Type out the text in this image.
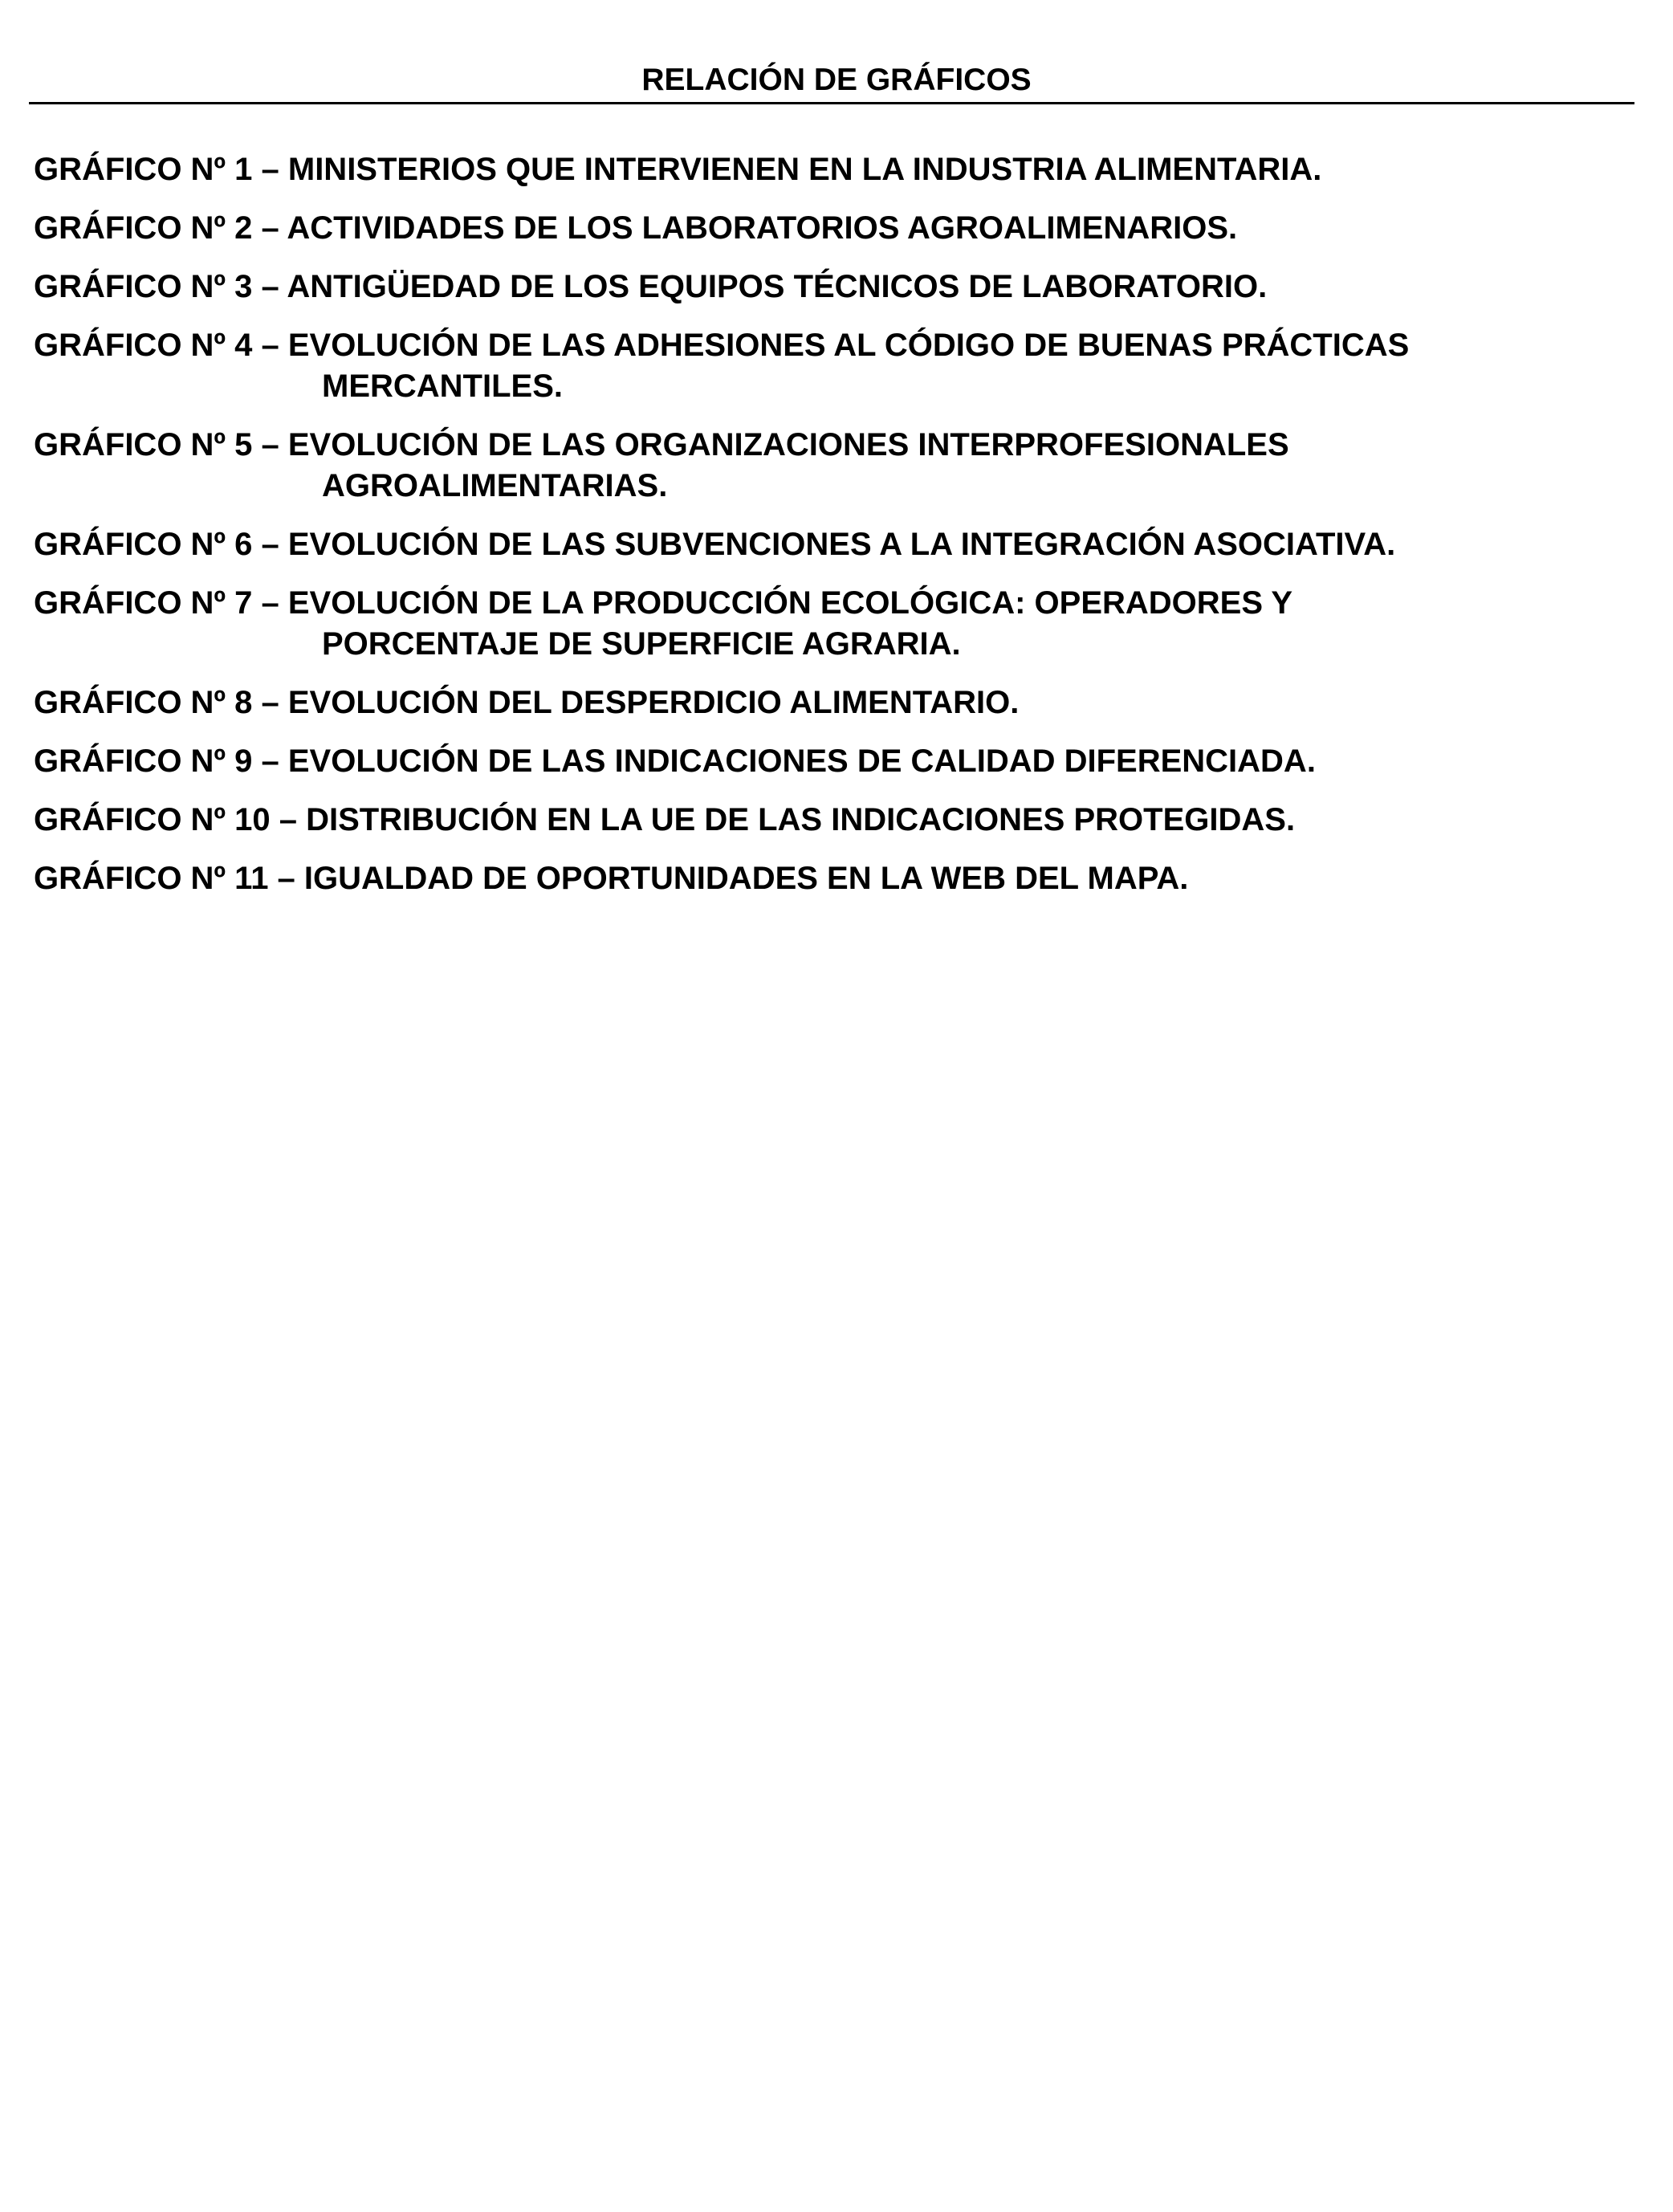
RELACIÓN DE GRÁFICOS
GRÁFICO Nº 1 – MINISTERIOS QUE INTERVIENEN EN LA INDUSTRIA ALIMENTARIA.
GRÁFICO Nº 2 – ACTIVIDADES DE LOS LABORATORIOS AGROALIMENARIOS.
GRÁFICO Nº 3 – ANTIGÜEDAD DE LOS EQUIPOS TÉCNICOS DE LABORATORIO.
GRÁFICO Nº 4 – EVOLUCIÓN DE LAS ADHESIONES AL CÓDIGO DE BUENAS PRÁCTICAS
MERCANTILES.
GRÁFICO Nº 5 – EVOLUCIÓN DE LAS ORGANIZACIONES INTERPROFESIONALES
AGROALIMENTARIAS.
GRÁFICO Nº 6 – EVOLUCIÓN DE LAS SUBVENCIONES A LA INTEGRACIÓN ASOCIATIVA.
GRÁFICO Nº 7 – EVOLUCIÓN DE LA PRODUCCIÓN ECOLÓGICA: OPERADORES Y
PORCENTAJE DE SUPERFICIE AGRARIA.
GRÁFICO Nº 8 – EVOLUCIÓN DEL DESPERDICIO ALIMENTARIO.
GRÁFICO Nº 9 – EVOLUCIÓN DE LAS INDICACIONES DE CALIDAD DIFERENCIADA.
GRÁFICO Nº 10 – DISTRIBUCIÓN EN LA UE DE LAS INDICACIONES PROTEGIDAS.
GRÁFICO Nº 11 – IGUALDAD DE OPORTUNIDADES EN LA WEB DEL MAPA.
